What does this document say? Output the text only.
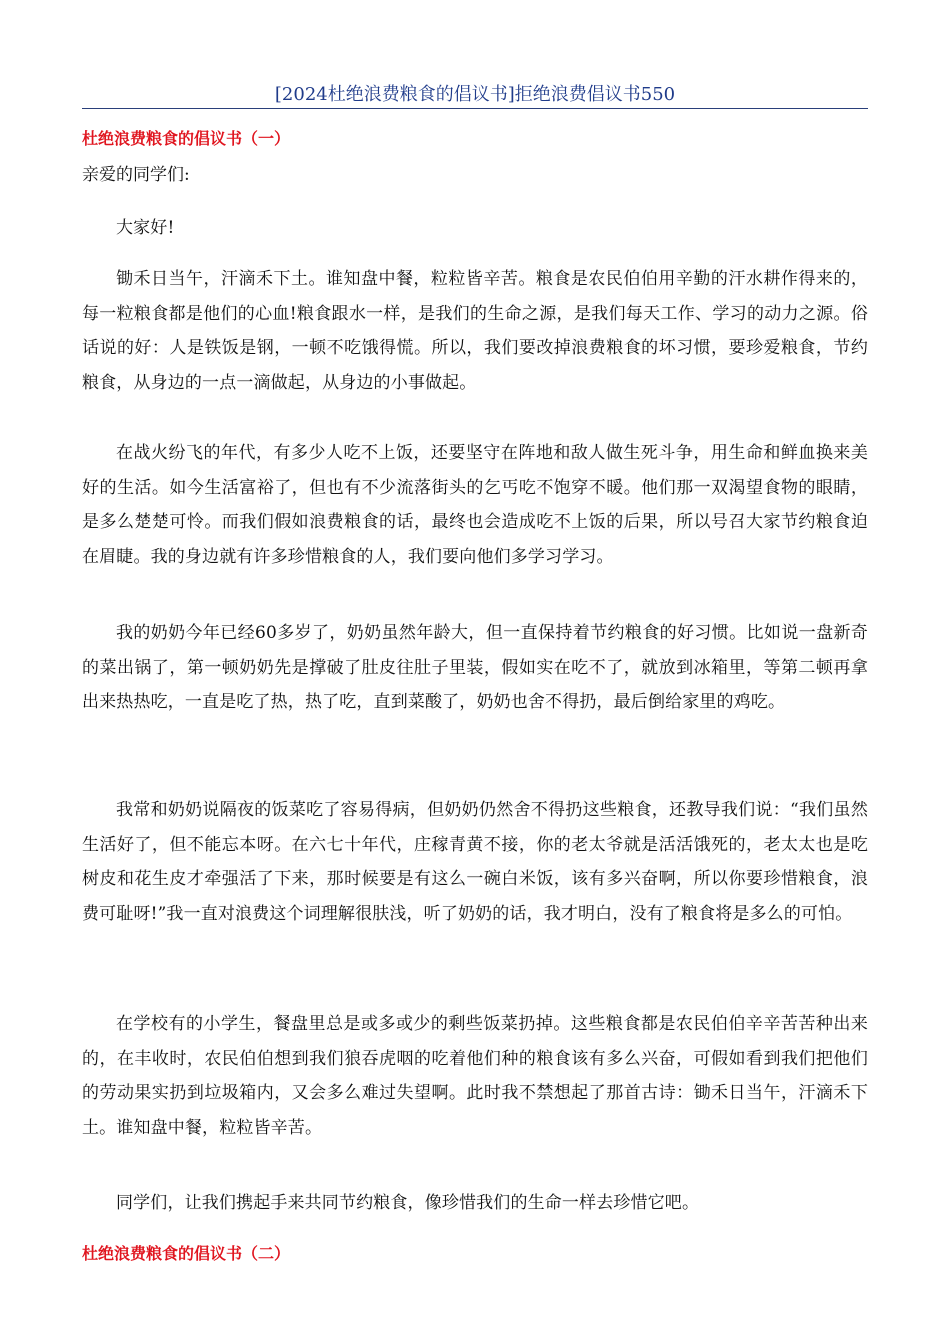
[2024杜绝浪费粮食的倡议书]拒绝浪费倡议书550
杜绝浪费粮食的倡议书（一）
亲爱的同学们:
大家好!
锄禾日当午，汗滴禾下土。谁知盘中餐，粒粒皆辛苦。粮食是农民伯伯用辛勤的汗水耕作得来的，每一粒粮食都是他们的心血!粮食跟水一样，是我们的生命之源，是我们每天工作、学习的动力之源。俗话说的好：人是铁饭是钢，一顿不吃饿得慌。所以，我们要改掉浪费粮食的坏习惯，要珍爱粮食，节约粮食，从身边的一点一滴做起，从身边的小事做起。
在战火纷飞的年代，有多少人吃不上饭，还要坚守在阵地和敌人做生死斗争，用生命和鲜血换来美好的生活。如今生活富裕了，但也有不少流落街头的乞丐吃不饱穿不暖。他们那一双渴望食物的眼睛，是多么楚楚可怜。而我们假如浪费粮食的话，最终也会造成吃不上饭的后果，所以号召大家节约粮食迫在眉睫。我的身边就有许多珍惜粮食的人，我们要向他们多学习学习。
我的奶奶今年已经60多岁了，奶奶虽然年龄大，但一直保持着节约粮食的好习惯。比如说一盘新奇的菜出锅了，第一顿奶奶先是撑破了肚皮往肚子里装，假如实在吃不了，就放到冰箱里，等第二顿再拿出来热热吃，一直是吃了热，热了吃，直到菜酸了，奶奶也舍不得扔，最后倒给家里的鸡吃。
我常和奶奶说隔夜的饭菜吃了容易得病，但奶奶仍然舍不得扔这些粮食，还教导我们说：“我们虽然生活好了，但不能忘本呀。在六七十年代，庄稼青黄不接，你的老太爷就是活活饿死的，老太太也是吃树皮和花生皮才牵强活了下来，那时候要是有这么一碗白米饭，该有多兴奋啊，所以你要珍惜粮食，浪费可耻呀!”我一直对浪费这个词理解很肤浅，听了奶奶的话，我才明白，没有了粮食将是多么的可怕。
在学校有的小学生，餐盘里总是或多或少的剩些饭菜扔掉。这些粮食都是农民伯伯辛辛苦苦种出来的，在丰收时，农民伯伯想到我们狼吞虎咽的吃着他们种的粮食该有多么兴奋，可假如看到我们把他们的劳动果实扔到垃圾箱内，又会多么难过失望啊。此时我不禁想起了那首古诗：锄禾日当午，汗滴禾下土。谁知盘中餐，粒粒皆辛苦。
同学们，让我们携起手来共同节约粮食，像珍惜我们的生命一样去珍惜它吧。
杜绝浪费粮食的倡议书（二）
